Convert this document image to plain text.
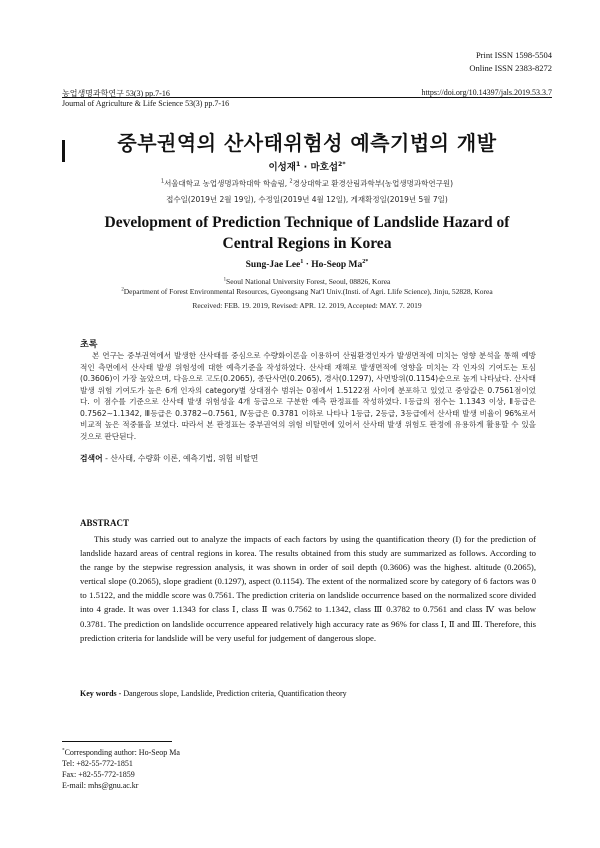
Print ISSN 1598-5504
Online ISSN 2383-8272
농업생명과학연구 53(3) pp.7-16	https://doi.org/10.14397/jals.2019.53.3.7
Journal of Agriculture & Life Science 53(3) pp.7-16
중부권역의 산사태위험성 예측기법의 개발
이성재$^1$ · 마호섭$^{2*}$
$^1$서울대학교 농업생명과학대학 학술림, $^2$경상대학교 환경산림과학부(농업생명과학연구원)
접수일(2019년 2월 19일), 수정일(2019년 4월 12일), 게재확정일(2019년 5월 7일)
Development of Prediction Technique of Landslide Hazard of
Central Regions in Korea
Sung-Jae Lee$^1$ · Ho-Seop $Ma^{2*}$
$^1$Seoul National University Forest, Seoul, 08826, Korea
$^2$Department of Forest Environmental Resources, Gyeongsang Nat'l Univ.(Insti. of Agri. Llife Science), Jinju, 52828, Korea
Received: FEB. 19. 2019, Revised: APR. 12. 2019, Accepted: MAY. 7. 2019
초록
본 연구는 중부권역에서 발생한 산사태를 중심으로 수량화이론을 이용하여 산림환경인자가 발생면적에 미치는 영향 분석을 통해 예방적인 측면에서 산사태 발생 위험성에 대한 예측기준을 작성하였다. 산사태 재해로 발생면적에 영향을 미치는 각 인자의 기여도는 토심(0.3606)이 가장 높았으며, 다음으로 고도(0.2065), 종단사면(0.2065), 경사(0.1297), 사면방위(0.1154)순으로 높게 나타났다. 산사태 발생 위험 기여도가 높은 6개 인자의 category별 상대점수 범위는 0점에서 1.5122점 사이에 분포하고 있었고 중앙값은 0.7561점이었다. 이 점수를 기준으로 산사태 발생 위험성을 4개 등급으로 구분한 예측 판정표를 작성하였다. Ⅰ등급의 점수는 1.1343 이상, Ⅱ등급은 0.7562∼1.1342, Ⅲ등급은 0.3782∼0.7561, Ⅳ등급은 0.3781 이하로 나타나 1등급, 2등급, 3등급에서 산사태 발생 비율이 96%로서 비교적 높은 적중률을 보였다. 따라서 본 판정표는 중부권역의 위험 비탈면에 있어서 산사태 발생 위험도 판정에 유용하게 활용할 수 있을 것으로 판단된다.
검색어 - 산사태, 수량화 이론, 예측기법, 위험 비탈면
ABSTRACT
This study was carried out to analyze the impacts of each factors by using the quantification theory (I) for the prediction of landslide hazard areas of central regions in korea. The results obtained from this study are summarized as follows. According to the range by the stepwise regression analysis, it was shown in order of soil depth (0.3606) was the highest. altitude (0.2065), vertical slope (0.2065), slope gradient (0.1297), aspect (0.1154). The extent of the normalized score by category of 6 factors was 0 to 1.5122, and the middle score was 0.7561. The prediction criteria on landslide occurrence based on the normalized score divided into 4 grade. It was over 1.1343 for class Ⅰ, class Ⅱ was 0.7562 to 1.1342, class Ⅲ 0.3782 to 0.7561 and class Ⅳ was below 0.3781. The prediction on landslide occurrence appeared relatively high accuracy rate as 96% for class Ⅰ, Ⅱ and Ⅲ. Therefore, this prediction criteria for landslide will be very useful for judgement of dangerous slope.
Key words - Dangerous slope, Landslide, Prediction criteria, Quantification theory
*Corresponding author: Ho-Seop Ma
Tel: +82-55-772-1851
Fax: +82-55-772-1859
E-mail: mhs@gnu.ac.kr
